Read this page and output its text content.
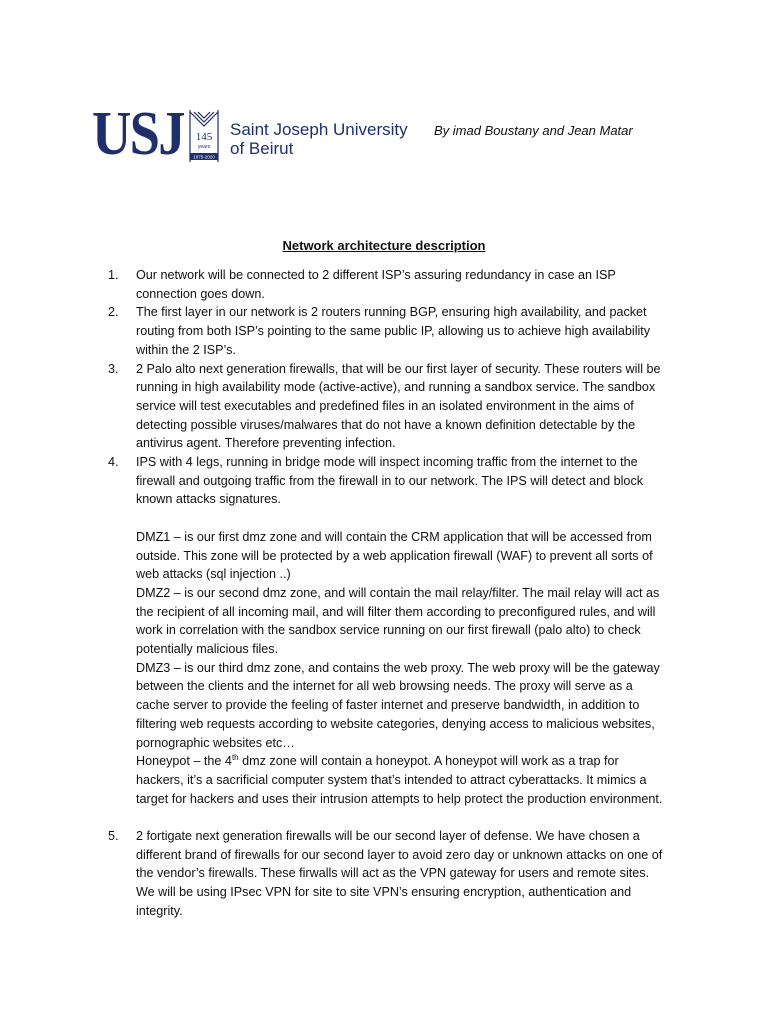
USJ 145
years
1875-2020
Saint Joseph University
of Beirut
By imad Boustany and Jean Matar
Network architecture description
1.	Our network will be connected to 2 different ISP’s assuring redundancy in case an ISP connection goes down.
2.	The first layer in our network is 2 routers running BGP, ensuring high availability, and packet routing from both ISP’s pointing to the same public IP, allowing us to achieve high availability within the 2 ISP’s.
3.	2 Palo alto next generation firewalls, that will be our first layer of security. These routers will be running in high availability mode (active-active), and running a sandbox service. The sandbox service will test executables and predefined files in an isolated environment in the aims of detecting possible viruses/malwares that do not have a known definition detectable by the antivirus agent. Therefore preventing infection.
4.	IPS with 4 legs, running in bridge mode will inspect incoming traffic from the internet to the firewall and outgoing traffic from the firewall in to our network. The IPS will detect and block known attacks signatures.
DMZ1 – is our first dmz zone and will contain the CRM application that will be accessed from outside. This zone will be protected by a web application firewall (WAF) to prevent all sorts of web attacks (sql injection ..)
DMZ2 – is our second dmz zone, and will contain the mail relay/filter. The mail relay will act as the recipient of all incoming mail, and will filter them according to preconfigured rules, and will work in correlation with the sandbox service running on our first firewall (palo alto) to check potentially malicious files.
DMZ3 – is our third dmz zone, and contains the web proxy. The web proxy will be the gateway between the clients and the internet for all web browsing needs. The proxy will serve as a cache server to provide the feeling of faster internet and preserve bandwidth, in addition to filtering web requests according to website categories, denying access to malicious websites, pornographic websites etc…
Honeypot – the 4th dmz zone will contain a honeypot. A honeypot will work as a trap for hackers, it’s a sacrificial computer system that’s intended to attract cyberattacks. It mimics a target for hackers and uses their intrusion attempts to help protect the production environment.
5.	2 fortigate next generation firewalls will be our second layer of defense. We have chosen a different brand of firewalls for our second layer to avoid zero day or unknown attacks on one of the vendor’s firewalls. These firwalls will act as the VPN gateway for users and remote sites. We will be using IPsec VPN for site to site VPN’s ensuring encryption, authentication and integrity.
